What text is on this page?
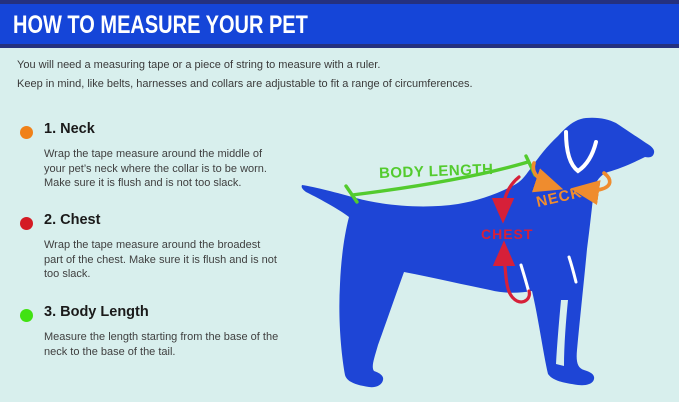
HOW TO MEASURE YOUR PET
You will need a measuring tape or a piece of string to measure with a ruler.
Keep in mind, like belts, harnesses and collars are adjustable to fit a range of circumferences.
1. Neck

Wrap the tape measure around the middle of
your pet’s neck where the collar is to be worn.
Make sure it is flush and is not too slack.

2. Chest

Wrap the tape measure around the broadest
part of the chest. Make sure it is flush and is not
too slack.

3. Body Length

Measure the length starting from the base of the
neck to the base of the tail.

BODY LENGTH
NECK
CHEST
